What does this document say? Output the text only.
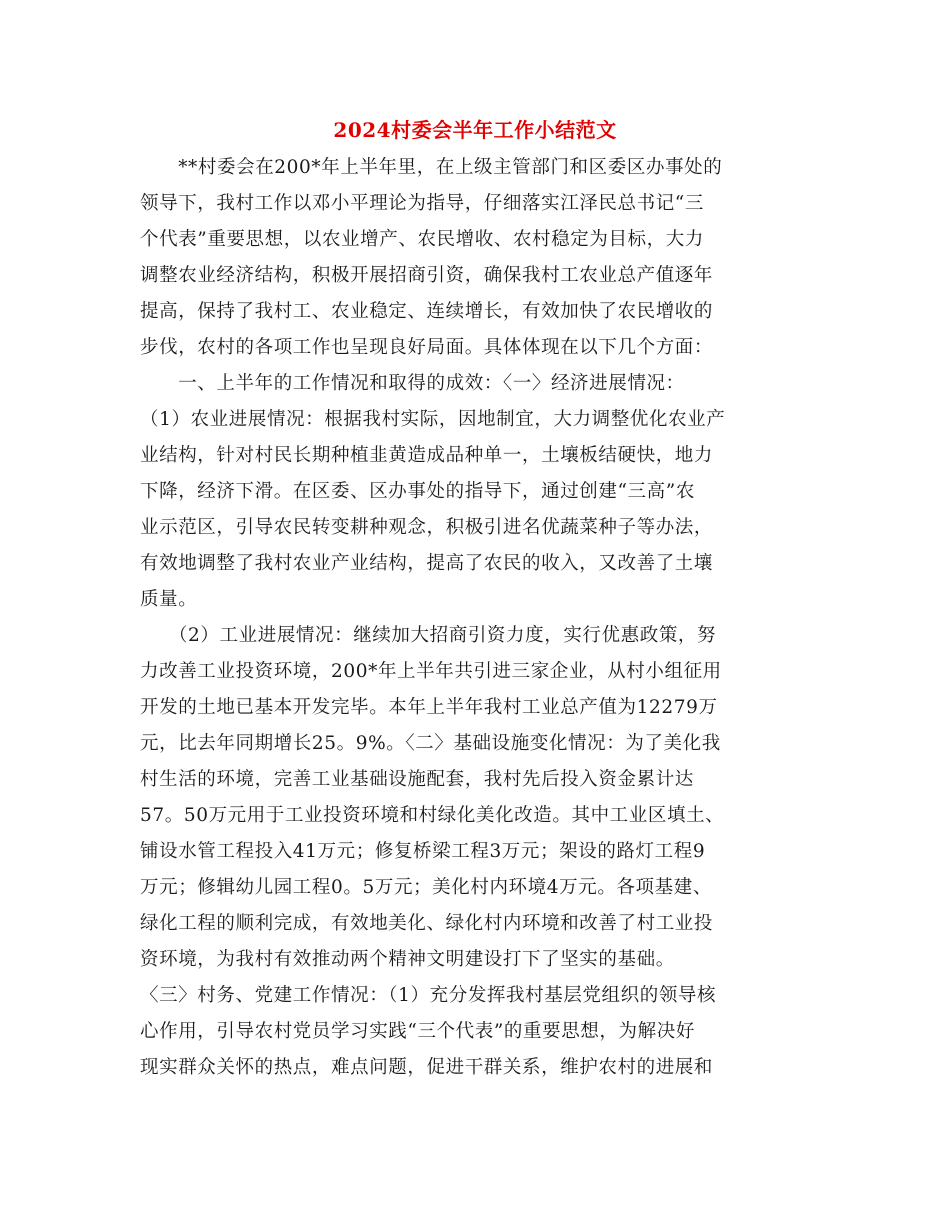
2024村委会半年工作小结范文
　　**村委会在200*年上半年里，在上级主管部门和区委区办事处的
领导下，我村工作以邓小平理论为指导，仔细落实江泽民总书记“三
个代表”重要思想，以农业增产、农民增收、农村稳定为目标，大力
调整农业经济结构，积极开展招商引资，确保我村工农业总产值逐年
提高，保持了我村工、农业稳定、连续增长，有效加快了农民增收的
步伐，农村的各项工作也呈现良好局面。具体体现在以下几个方面：
　　一、上半年的工作情况和取得的成效：〈一〉经济进展情况：
（1）农业进展情况：根据我村实际，因地制宜，大力调整优化农业产
业结构，针对村民长期种植韭黄造成品种单一，土壤板结硬快，地力
下降，经济下滑。在区委、区办事处的指导下，通过创建“三高”农
业示范区，引导农民转变耕种观念，积极引进名优蔬菜种子等办法，
有效地调整了我村农业产业结构，提高了农民的收入，又改善了土壤
质量。
　　（2）工业进展情况：继续加大招商引资力度，实行优惠政策，努
力改善工业投资环境，200*年上半年共引进三家企业，从村小组征用
开发的土地已基本开发完毕。本年上半年我村工业总产值为12279万
元，比去年同期增长25。9%。〈二〉基础设施变化情况：为了美化我
村生活的环境，完善工业基础设施配套，我村先后投入资金累计达
57。50万元用于工业投资环境和村绿化美化改造。其中工业区填土、
铺设水管工程投入41万元；修复桥梁工程3万元；架设的路灯工程9
万元；修辑幼儿园工程0。5万元；美化村内环境4万元。各项基建、
绿化工程的顺利完成，有效地美化、绿化村内环境和改善了村工业投
资环境，为我村有效推动两个精神文明建设打下了坚实的基础。
〈三〉村务、党建工作情况：（1）充分发挥我村基层党组织的领导核
心作用，引导农村党员学习实践“三个代表”的重要思想，为解决好
现实群众关怀的热点，难点问题，促进干群关系，维护农村的进展和
